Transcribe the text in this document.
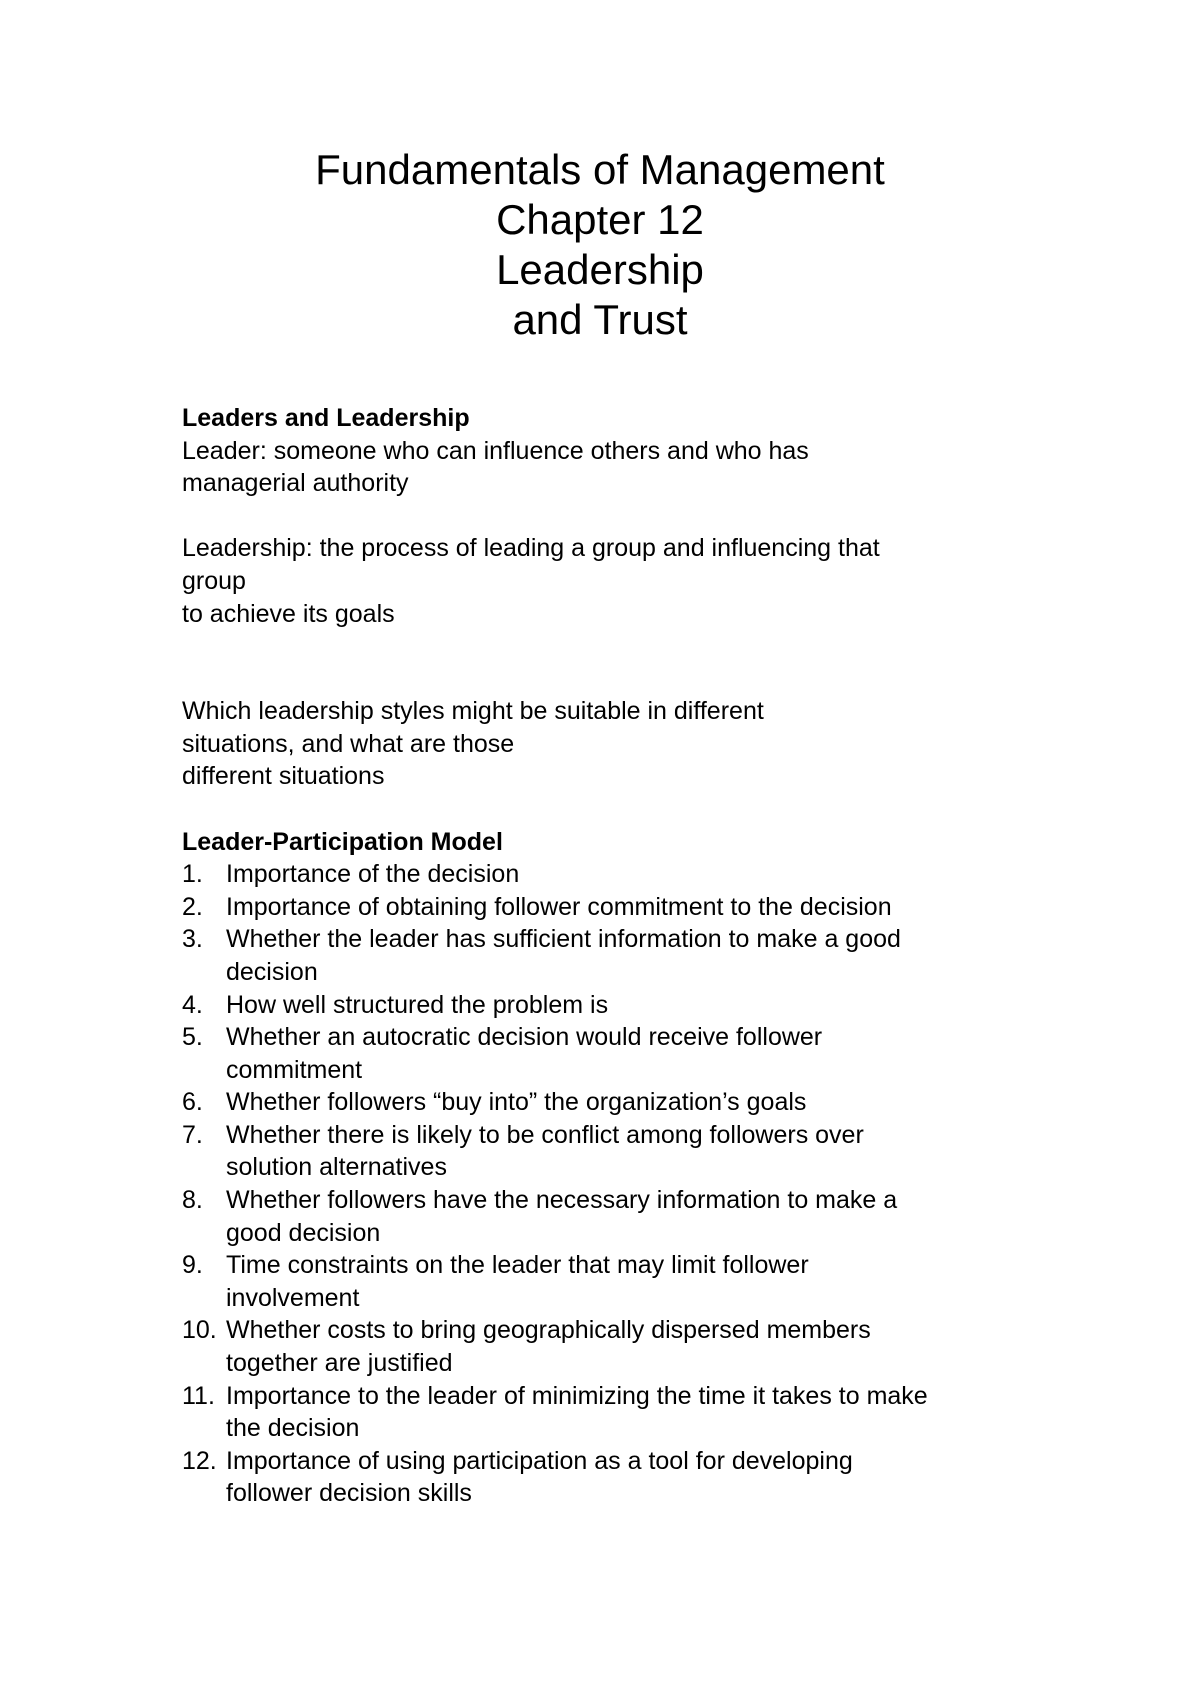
Fundamentals of Management

Chapter 12

Leadership

and Trust

Leaders and Leadership

Leader: someone who can influence others and who has

managerial authority

Leadership: the process of leading a group and influencing that

group

to achieve its goals

Which leadership styles might be suitable in different

situations, and what are those

different situations

Leader-Participation Model

1. Importance of the decision
2. Importance of obtaining follower commitment to the decision
3. Whether the leader has sufficient information to make a good
decision
4. How well structured the problem is
5. Whether an autocratic decision would receive follower
commitment
6. Whether followers “buy into” the organization’s goals
7. Whether there is likely to be conflict among followers over
solution alternatives
8. Whether followers have the necessary information to make a
good decision
9. Time constraints on the leader that may limit follower
involvement
10. Whether costs to bring geographically dispersed members
together are justified
11. Importance to the leader of minimizing the time it takes to make
the decision
12. Importance of using participation as a tool for developing
follower decision skills
